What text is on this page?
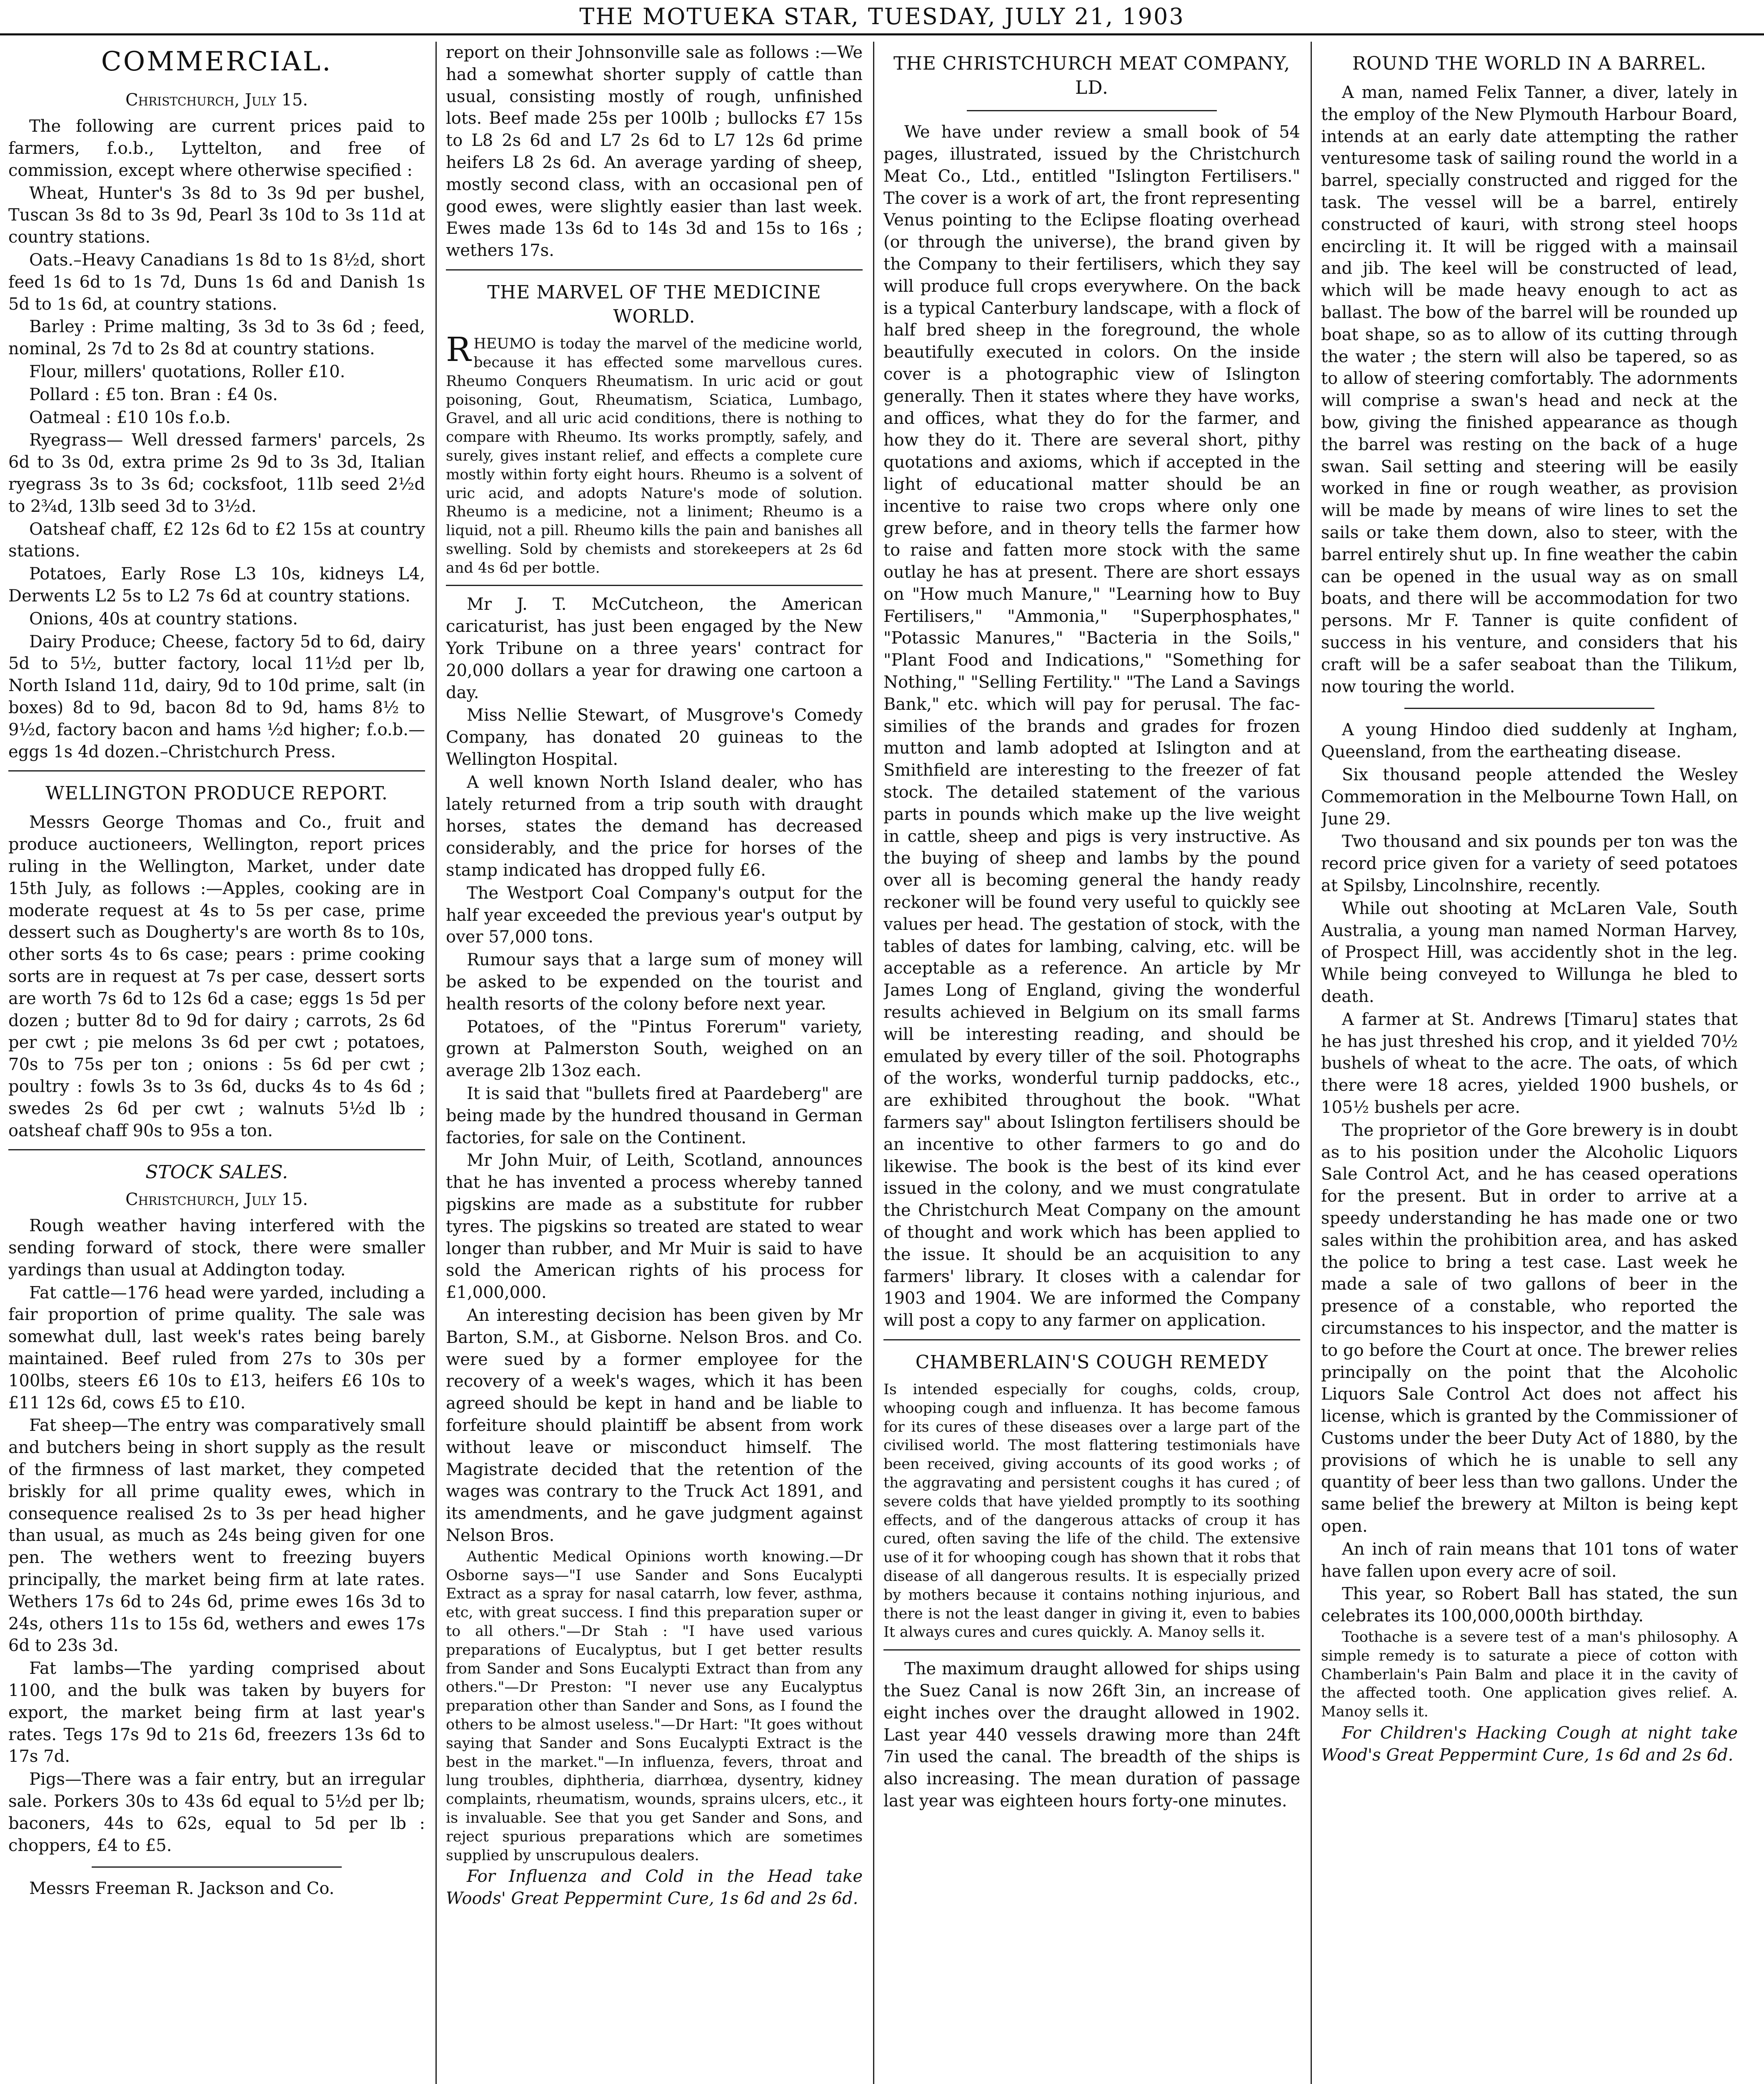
THE MOTUEKA STAR, TUESDAY, JULY 21, 1903
COMMERCIAL.
Christchurch, July 15.

The following are current prices paid to farmers, f.o.b., Lyttelton, and free of commission, except where otherwise specified :

Wheat, Hunter's 3s 8d to 3s 9d per bushel, Tuscan 3s 8d to 3s 9d, Pearl 3s 10d to 3s 11d at country stations.

Oats.–Heavy Canadians 1s 8d to 1s 8½d, short feed 1s 6d to 1s 7d, Duns 1s 6d and Danish 1s 5d to 1s 6d, at country stations.

Barley : Prime malting, 3s 3d to 3s 6d ; feed, nominal, 2s 7d to 2s 8d at country stations.

Flour, millers' quotations, Roller £10.

Pollard : £5 ton. Bran : £4 0s.

Oatmeal : £10 10s f.o.b.

Ryegrass— Well dressed farmers' parcels, 2s 6d to 3s 0d, extra prime 2s 9d to 3s 3d, Italian ryegrass 3s to 3s 6d; cocksfoot, 11lb seed 2½d to 2¾d, 13lb seed 3d to 3½d.

Oatsheaf chaff, £2 12s 6d to £2 15s at country stations.

Potatoes, Early Rose L3 10s, kidneys L4, Derwents L2 5s to L2 7s 6d at country stations.

Onions, 40s at country stations.

Dairy Produce; Cheese, factory 5d to 6d, dairy 5d to 5½, butter factory, local 11½d per lb, North Island 11d, dairy, 9d to 10d prime, salt (in boxes) 8d to 9d, bacon 8d to 9d, hams 8½ to 9½d, factory bacon and hams ½d higher; f.o.b.—eggs 1s 4d dozen.–Christchurch Press.

WELLINGTON PRODUCE REPORT.

Messrs George Thomas and Co., fruit and produce auctioneers, Wellington, report prices ruling in the Wellington, Market, under date 15th July, as follows :—Apples, cooking are in moderate request at 4s to 5s per case, prime dessert such as Dougherty's are worth 8s to 10s, other sorts 4s to 6s case; pears : prime cooking sorts are in request at 7s per case, dessert sorts are worth 7s 6d to 12s 6d a case; eggs 1s 5d per dozen ; butter 8d to 9d for dairy ; carrots, 2s 6d per cwt ; pie melons 3s 6d per cwt ; potatoes, 70s to 75s per ton ; onions : 5s 6d per cwt ; poultry : fowls 3s to 3s 6d, ducks 4s to 4s 6d ; swedes 2s 6d per cwt ; walnuts 5½d lb ; oatsheaf chaff 90s to 95s a ton.

STOCK SALES.
Christchurch, July 15.

Rough weather having interfered with the sending forward of stock, there were smaller yardings than usual at Addington today.

Fat cattle—176 head were yarded, including a fair proportion of prime quality. The sale was somewhat dull, last week's rates being barely maintained. Beef ruled from 27s to 30s per 100lbs, steers £6 10s to £13, heifers £6 10s to £11 12s 6d, cows £5 to £10.

Fat sheep—The entry was comparatively small and butchers being in short supply as the result of the firmness of last market, they competed briskly for all prime quality ewes, which in consequence realised 2s to 3s per head higher than usual, as much as 24s being given for one pen. The wethers went to freezing buyers principally, the market being firm at late rates. Wethers 17s 6d to 24s 6d, prime ewes 16s 3d to 24s, others 11s to 15s 6d, wethers and ewes 17s 6d to 23s 3d.

Fat lambs—The yarding comprised about 1100, and the bulk was taken by buyers for export, the market being firm at last year's rates. Tegs 17s 9d to 21s 6d, freezers 13s 6d to 17s 7d.

Pigs—There was a fair entry, but an irregular sale. Porkers 30s to 43s 6d equal to 5½d per lb; baconers, 44s to 62s, equal to 5d per lb : choppers, £4 to £5.

Messrs Freeman R. Jackson and Co.

report on their Johnsonville sale as follows :—We had a somewhat shorter supply of cattle than usual, consisting mostly of rough, unfinished lots. Beef made 25s per 100lb ; bullocks £7 15s to L8 2s 6d and L7 2s 6d to L7 12s 6d prime heifers L8 2s 6d. An average yarding of sheep, mostly second class, with an occasional pen of good ewes, were slightly easier than last week. Ewes made 13s 6d to 14s 3d and 15s to 16s ; wethers 17s.

THE MARVEL OF THE MEDICINE WORLD.

RHEUMO is today the marvel of the medicine world, because it has effected some marvellous cures. Rheumo Conquers Rheumatism. In uric acid or gout poisoning, Gout, Rheumatism, Sciatica, Lumbago, Gravel, and all uric acid conditions, there is nothing to compare with Rheumo. Its works promptly, safely, and surely, gives instant relief, and effects a complete cure mostly within forty eight hours. Rheumo is a solvent of uric acid, and adopts Nature's mode of solution. Rheumo is a medicine, not a liniment; Rheumo is a liquid, not a pill. Rheumo kills the pain and banishes all swelling. Sold by chemists and storekeepers at 2s 6d and 4s 6d per bottle.

Mr J. T. McCutcheon, the American caricaturist, has just been engaged by the New York Tribune on a three years' contract for 20,000 dollars a year for drawing one cartoon a day.

Miss Nellie Stewart, of Musgrove's Comedy Company, has donated 20 guineas to the Wellington Hospital.

A well known North Island dealer, who has lately returned from a trip south with draught horses, states the demand has decreased considerably, and the price for horses of the stamp indicated has dropped fully £6.

The Westport Coal Company's output for the half year exceeded the previous year's output by over 57,000 tons.

Rumour says that a large sum of money will be asked to be expended on the tourist and health resorts of the colony before next year.

Potatoes, of the "Pintus Forerum" variety, grown at Palmerston South, weighed on an average 2lb 13oz each.

It is said that "bullets fired at Paardeberg" are being made by the hundred thousand in German factories, for sale on the Continent.

Mr John Muir, of Leith, Scotland, announces that he has invented a process whereby tanned pigskins are made as a substitute for rubber tyres. The pigskins so treated are stated to wear longer than rubber, and Mr Muir is said to have sold the American rights of his process for £1,000,000.

An interesting decision has been given by Mr Barton, S.M., at Gisborne. Nelson Bros. and Co. were sued by a former employee for the recovery of a week's wages, which it has been agreed should be kept in hand and be liable to forfeiture should plaintiff be absent from work without leave or misconduct himself. The Magistrate decided that the retention of the wages was contrary to the Truck Act 1891, and its amendments, and he gave judgment against Nelson Bros.

Authentic Medical Opinions worth knowing.—Dr Osborne says—"I use Sander and Sons Eucalypti Extract as a spray for nasal catarrh, low fever, asthma, etc, with great success. I find this preparation super or to all others."—Dr Stah : "I have used various preparations of Eucalyptus, but I get better results from Sander and Sons Eucalypti Extract than from any others."—Dr Preston: "I never use any Eucalyptus preparation other than Sander and Sons, as I found the others to be almost useless."—Dr Hart: "It goes without saying that Sander and Sons Eucalypti Extract is the best in the market."—In influenza, fevers, throat and lung troubles, diphtheria, diarrhœa, dysentry, kidney complaints, rheumatism, wounds, sprains ulcers, etc., it is invaluable. See that you get Sander and Sons, and reject spurious preparations which are sometimes supplied by unscrupulous dealers.

For Influenza and Cold in the Head take Woods' Great Peppermint Cure, 1s 6d and 2s 6d.

THE CHRISTCHURCH MEAT COMPANY, LD.

We have under review a small book of 54 pages, illustrated, issued by the Christchurch Meat Co., Ltd., entitled "Islington Fertilisers." The cover is a work of art, the front representing Venus pointing to the Eclipse floating overhead (or through the universe), the brand given by the Company to their fertilisers, which they say will produce full crops everywhere. On the back is a typical Canterbury landscape, with a flock of half bred sheep in the foreground, the whole beautifully executed in colors. On the inside cover is a photographic view of Islington generally. Then it states where they have works, and offices, what they do for the farmer, and how they do it. There are several short, pithy quotations and axioms, which if accepted in the light of educational matter should be an incentive to raise two crops where only one grew before, and in theory tells the farmer how to raise and fatten more stock with the same outlay he has at present. There are short essays on "How much Manure," "Learning how to Buy Fertilisers," "Ammonia," "Superphosphates," "Potassic Manures," "Bacteria in the Soils," "Plant Food and Indications," "Something for Nothing," "Selling Fertility." "The Land a Savings Bank," etc. which will pay for perusal. The fac-similies of the brands and grades for frozen mutton and lamb adopted at Islington and at Smithfield are interesting to the freezer of fat stock. The detailed statement of the various parts in pounds which make up the live weight in cattle, sheep and pigs is very instructive. As the buying of sheep and lambs by the pound over all is becoming general the handy ready reckoner will be found very useful to quickly see values per head. The gestation of stock, with the tables of dates for lambing, calving, etc. will be acceptable as a reference. An article by Mr James Long of England, giving the wonderful results achieved in Belgium on its small farms will be interesting reading, and should be emulated by every tiller of the soil. Photographs of the works, wonderful turnip paddocks, etc., are exhibited throughout the book. "What farmers say" about Islington fertilisers should be an incentive to other farmers to go and do likewise. The book is the best of its kind ever issued in the colony, and we must congratulate the Christchurch Meat Company on the amount of thought and work which has been applied to the issue. It should be an acquisition to any farmers' library. It closes with a calendar for 1903 and 1904. We are informed the Company will post a copy to any farmer on application.

CHAMBERLAIN'S COUGH REMEDY

Is intended especially for coughs, colds, croup, whooping cough and influenza. It has become famous for its cures of these diseases over a large part of the civilised world. The most flattering testimonials have been received, giving accounts of its good works ; of the aggravating and persistent coughs it has cured ; of severe colds that have yielded promptly to its soothing effects, and of the dangerous attacks of croup it has cured, often saving the life of the child. The extensive use of it for whooping cough has shown that it robs that disease of all dangerous results. It is especially prized by mothers because it contains nothing injurious, and there is not the least danger in giving it, even to babies It always cures and cures quickly. A. Manoy sells it.

The maximum draught allowed for ships using the Suez Canal is now 26ft 3in, an increase of eight inches over the draught allowed in 1902. Last year 440 vessels drawing more than 24ft 7in used the canal. The breadth of the ships is also increasing. The mean duration of passage last year was eighteen hours forty-one minutes.

ROUND THE WORLD IN A BARREL.

A man, named Felix Tanner, a diver, lately in the employ of the New Plymouth Harbour Board, intends at an early date attempting the rather venturesome task of sailing round the world in a barrel, specially constructed and rigged for the task. The vessel will be a barrel, entirely constructed of kauri, with strong steel hoops encircling it. It will be rigged with a mainsail and jib. The keel will be constructed of lead, which will be made heavy enough to act as ballast. The bow of the barrel will be rounded up boat shape, so as to allow of its cutting through the water ; the stern will also be tapered, so as to allow of steering comfortably. The adornments will comprise a swan's head and neck at the bow, giving the finished appearance as though the barrel was resting on the back of a huge swan. Sail setting and steering will be easily worked in fine or rough weather, as provision will be made by means of wire lines to set the sails or take them down, also to steer, with the barrel entirely shut up. In fine weather the cabin can be opened in the usual way as on small boats, and there will be accommodation for two persons. Mr F. Tanner is quite confident of success in his venture, and considers that his craft will be a safer seaboat than the Tilikum, now touring the world.

A young Hindoo died suddenly at Ingham, Queensland, from the eartheating disease.

Six thousand people attended the Wesley Commemoration in the Melbourne Town Hall, on June 29.

Two thousand and six pounds per ton was the record price given for a variety of seed potatoes at Spilsby, Lincolnshire, recently.

While out shooting at McLaren Vale, South Australia, a young man named Norman Harvey, of Prospect Hill, was accidently shot in the leg. While being conveyed to Willunga he bled to death.

A farmer at St. Andrews [Timaru] states that he has just threshed his crop, and it yielded 70½ bushels of wheat to the acre. The oats, of which there were 18 acres, yielded 1900 bushels, or 105½ bushels per acre.

The proprietor of the Gore brewery is in doubt as to his position under the Alcoholic Liquors Sale Control Act, and he has ceased operations for the present. But in order to arrive at a speedy understanding he has made one or two sales within the prohibition area, and has asked the police to bring a test case. Last week he made a sale of two gallons of beer in the presence of a constable, who reported the circumstances to his inspector, and the matter is to go before the Court at once. The brewer relies principally on the point that the Alcoholic Liquors Sale Control Act does not affect his license, which is granted by the Commissioner of Customs under the beer Duty Act of 1880, by the provisions of which he is unable to sell any quantity of beer less than two gallons. Under the same belief the brewery at Milton is being kept open.

An inch of rain means that 101 tons of water have fallen upon every acre of soil.

This year, so Robert Ball has stated, the sun celebrates its 100,000,000th birthday.

Toothache is a severe test of a man's philosophy. A simple remedy is to saturate a piece of cotton with Chamberlain's Pain Balm and place it in the cavity of the affected tooth. One application gives relief. A. Manoy sells it.

For Children's Hacking Cough at night take Wood's Great Peppermint Cure, 1s 6d and 2s 6d.
